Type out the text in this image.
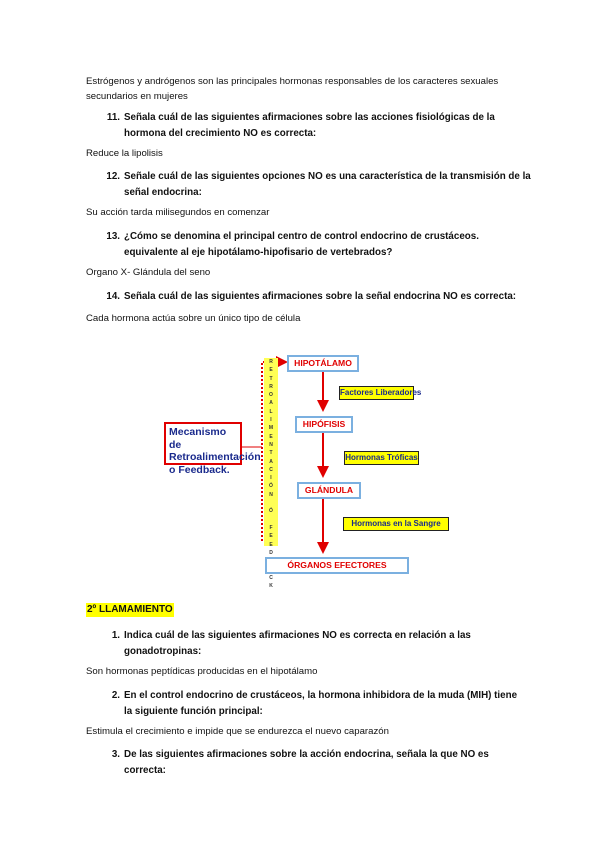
Estrógenos y andrógenos son las principales hormonas responsables de los caracteres sexuales secundarios en mujeres
11. Señala cuál de las siguientes afirmaciones sobre las acciones fisiológicas de la
hormona del crecimiento NO es correcta:
Reduce la lipolisis
12. Señale cuál de las siguientes opciones NO es una característica de la transmisión de la
señal endocrina:
Su acción tarda milisegundos en comenzar
13. ¿Cómo se denomina el principal centro de control endocrino de crustáceos.
equivalente al eje hipotálamo-hipofisario de vertebrados?
Organo X- Glándula del seno
14. Señala cuál de las siguientes afirmaciones sobre la señal endocrina NO es correcta:
Cada hormona actúa sobre un único tipo de célula
R
E
T
R
O
A
L
I
M
E
N
T
A
C
I
Ó
N

Ó

F
E
E
D
C
K
HIPOTÁLAMO
HIPÓFISIS
GLÁNDULA
ÓRGANOS EFECTORES
Factores Liberadores
Hormonas Tróficas
Hormonas en la Sangre
Mecanismo de
Retroalimentación
o Feedback.
2º LLAMAMIENTO
1. Indica cuál de las siguientes afirmaciones NO es correcta en relación a las
gonadotropinas:
Son hormonas peptídicas producidas en el hipotálamo
2. En el control endocrino de crustáceos, la hormona inhibidora de la muda (MIH) tiene
la siguiente función principal:
Estimula el crecimiento e impide que se endurezca el nuevo caparazón
3. De las siguientes afirmaciones sobre la acción endocrina, señala la que NO es
correcta:
